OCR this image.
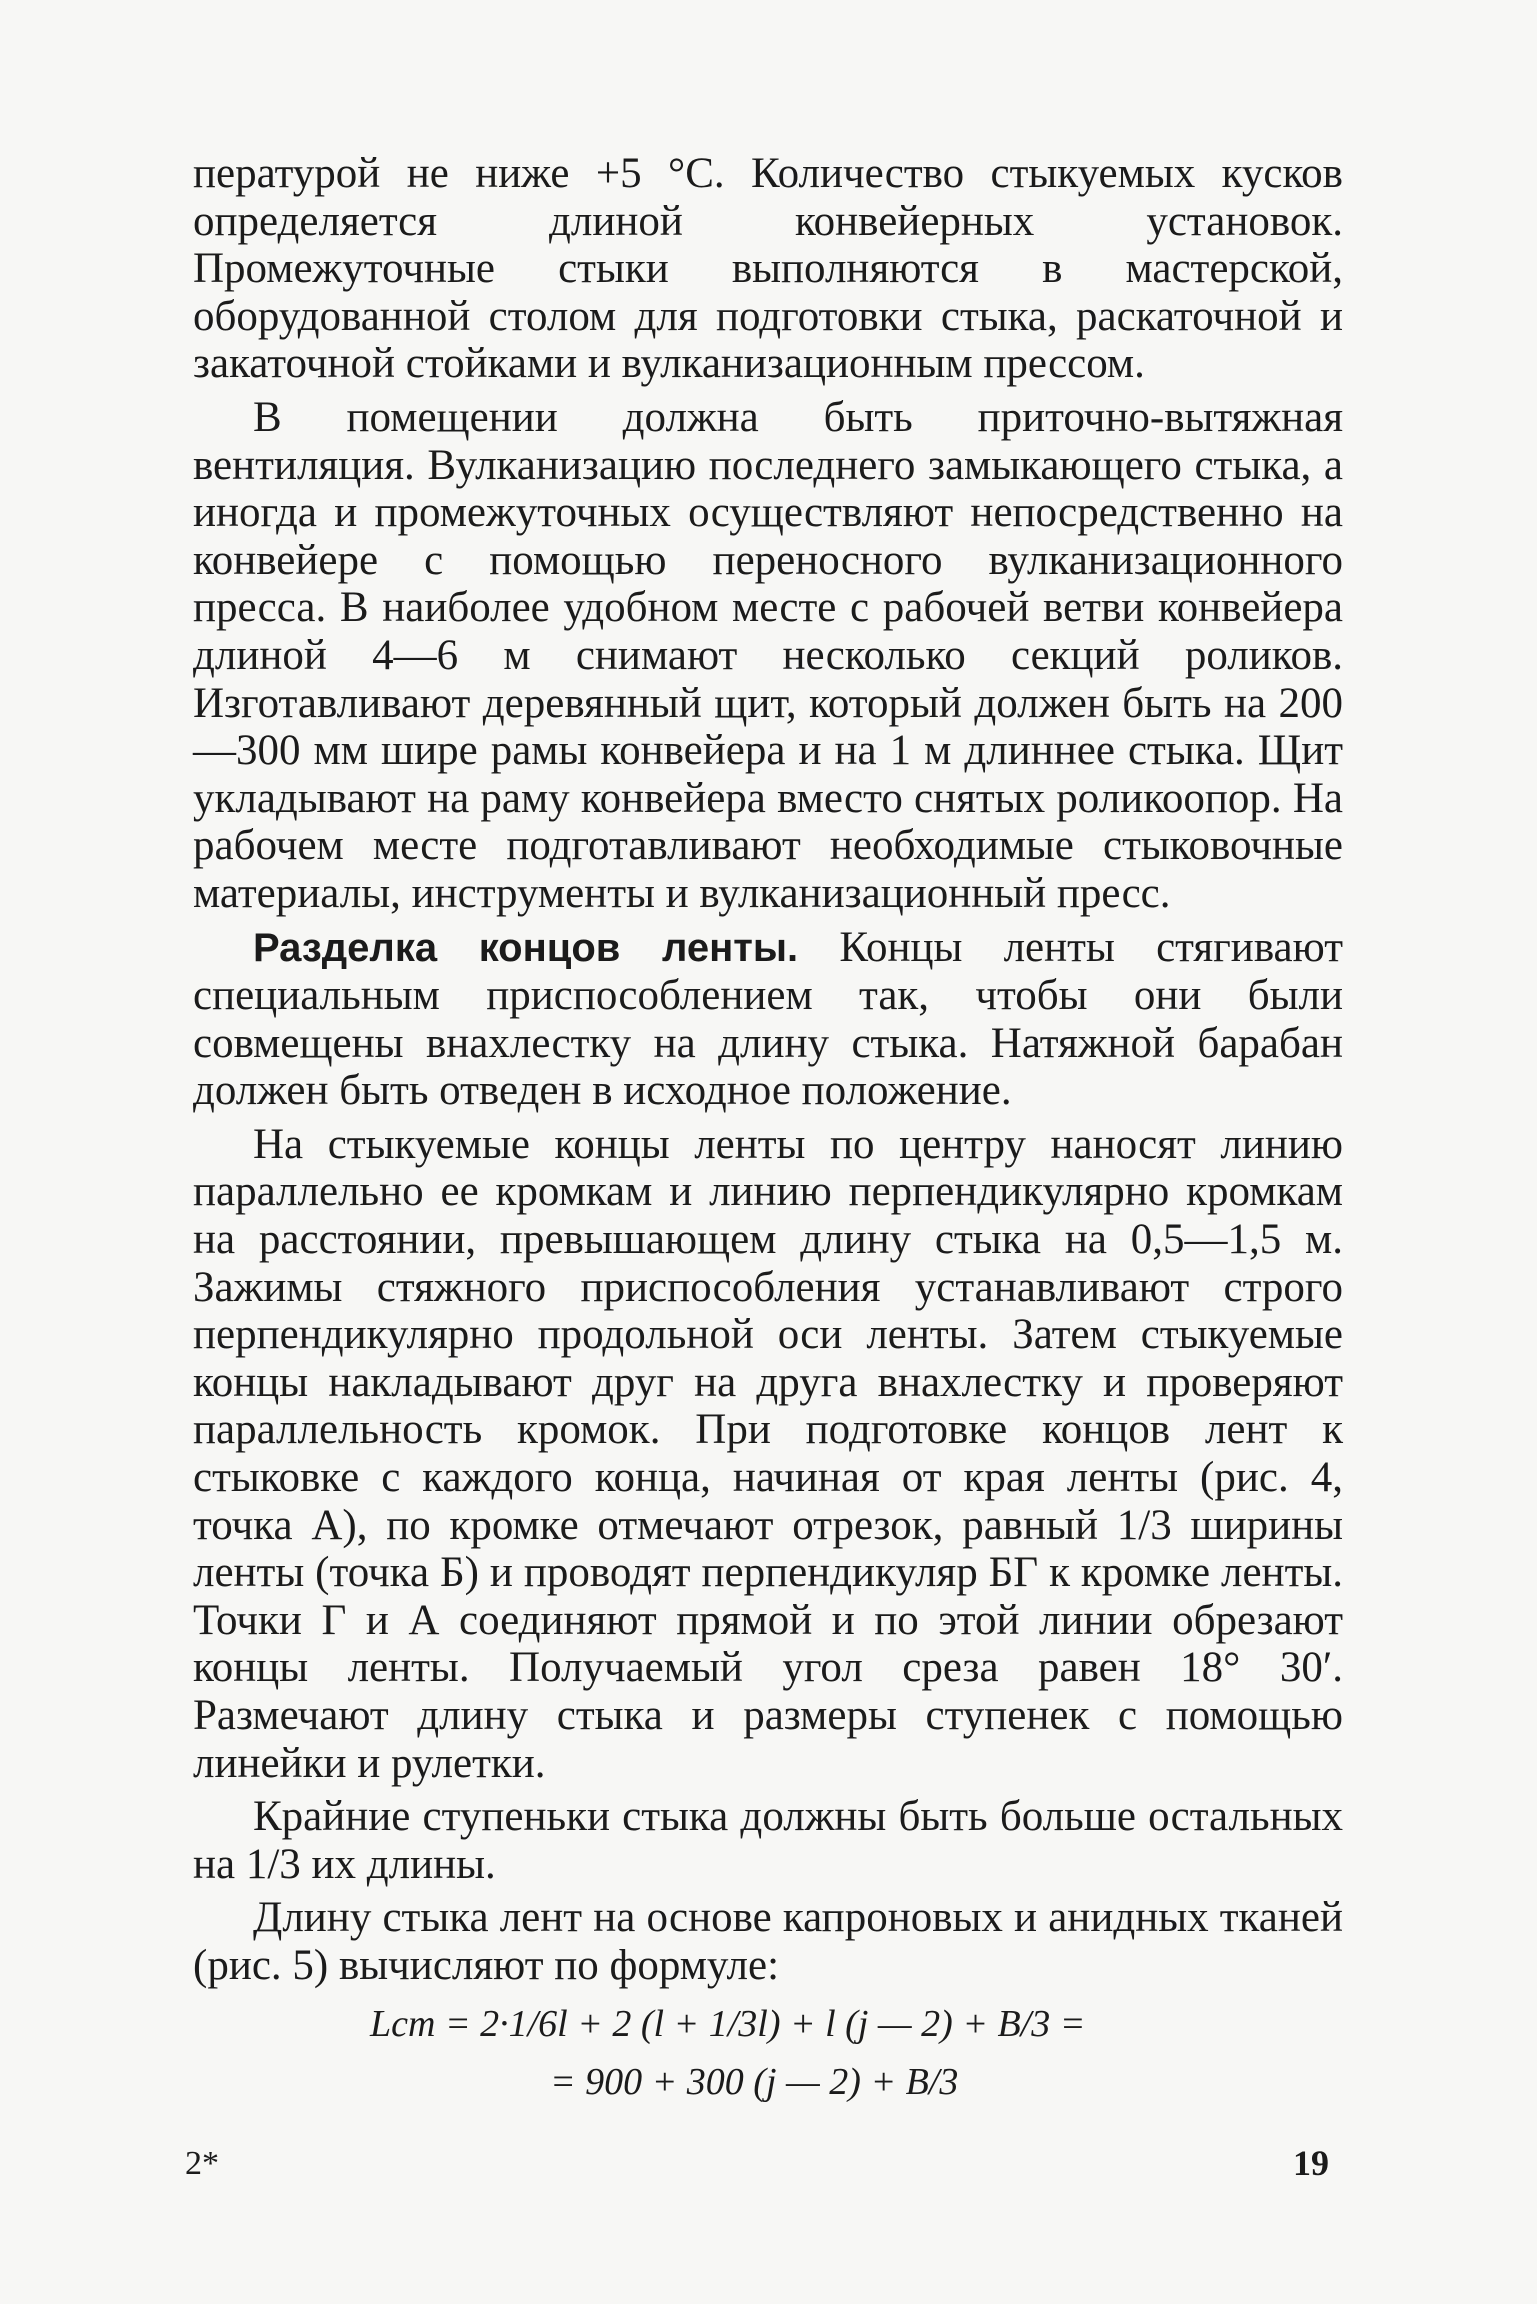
пературой не ниже +5 °С. Количество стыкуемых кусков определяется длиной конвейерных установок. Промежуточные стыки выполняются в мастерской, оборудованной столом для подготовки стыка, раскаточной и закаточной стойками и вулканизационным прессом.

В помещении должна быть приточно-вытяжная вентиляция. Вулканизацию последнего замыкающего стыка, а иногда и промежуточных осуществляют непосредственно на конвейере с помощью переносного вулканизационного пресса. В наиболее удобном месте с рабочей ветви конвейера длиной 4—6 м снимают несколько секций роликов. Изготавливают деревянный щит, который должен быть на 200—300 мм шире рамы конвейера и на 1 м длиннее стыка. Щит укладывают на раму конвейера вместо снятых роликоопор. На рабочем месте подготавливают необходимые стыковочные материалы, инструменты и вулканизационный пресс.

Разделка концов ленты. Концы ленты стягивают специальным приспособлением так, чтобы они были совмещены внахлестку на длину стыка. Натяжной барабан должен быть отведен в исходное положение.

На стыкуемые концы ленты по центру наносят линию параллельно ее кромкам и линию перпендикулярно кромкам на расстоянии, превышающем длину стыка на 0,5—1,5 м. Зажимы стяжного приспособления устанавливают строго перпендикулярно продольной оси ленты. Затем стыкуемые концы накладывают друг на друга внахлестку и проверяют параллельность кромок. При подготовке концов лент к стыковке с каждого конца, начиная от края ленты (рис. 4, точка А), по кромке отмечают отрезок, равный 1/3 ширины ленты (точка Б) и проводят перпендикуляр БГ к кромке ленты. Точки Г и А соединяют прямой и по этой линии обрезают концы ленты. Получаемый угол среза равен 18° 30′. Размечают длину стыка и размеры ступенек с помощью линейки и рулетки.

Крайние ступеньки стыка должны быть больше остальных на 1/3 их длины.

Длину стыка лент на основе капроновых и анидных тканей (рис. 5) вычисляют по формуле:

Lст = 2·1/6l + 2 (l + 1/3l) + l (j — 2) + B/3 =
= 900 + 300 (j — 2) + B/3
2*	19
